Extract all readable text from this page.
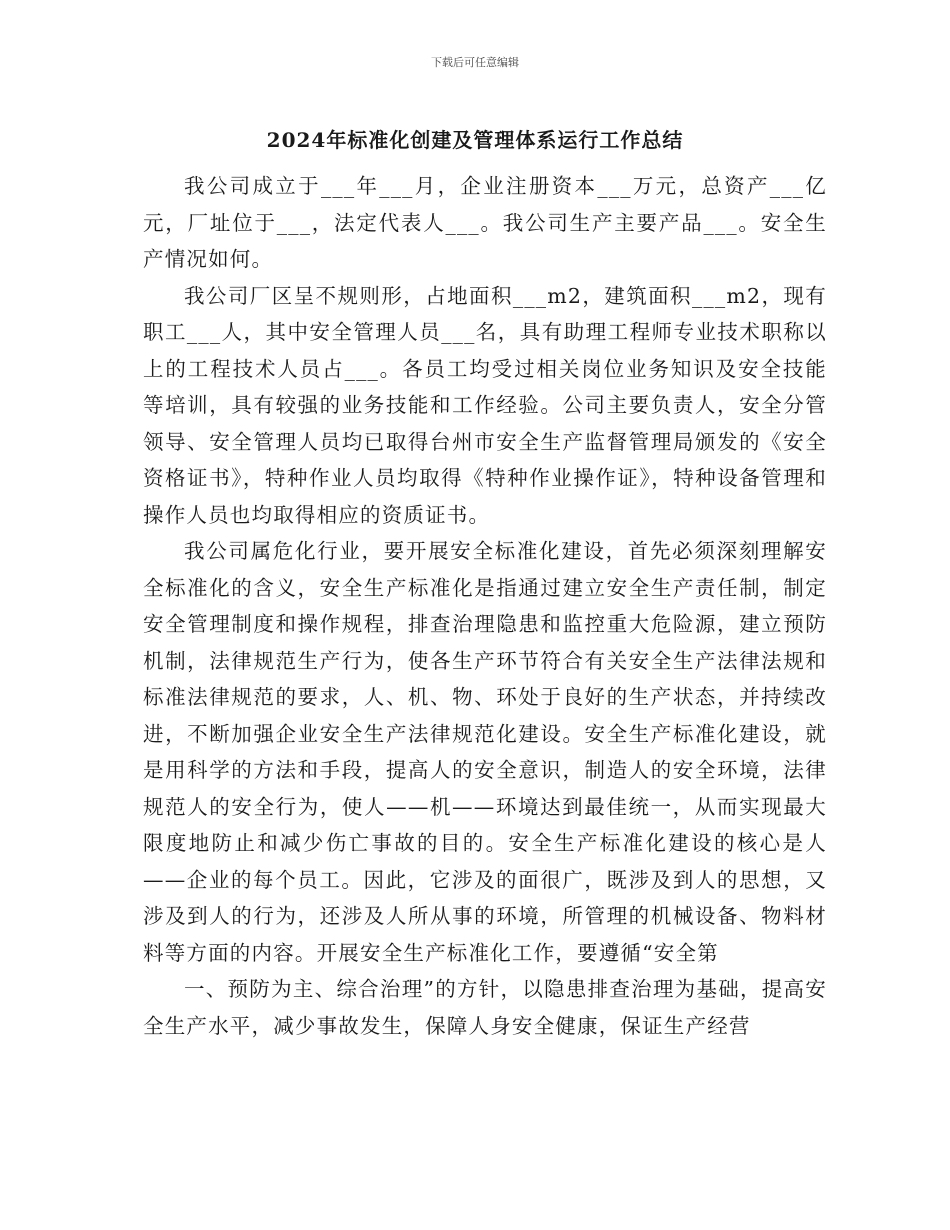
下载后可任意编辑
2024年标准化创建及管理体系运行工作总结

我公司成立于___年___月，企业注册资本___万元，总资产___亿元，厂址位于___，法定代表人___。我公司生产主要产品___。安全生产情况如何。

我公司厂区呈不规则形，占地面积___m2，建筑面积___m2，现有职工___人，其中安全管理人员___名，具有助理工程师专业技术职称以上的工程技术人员占___。各员工均受过相关岗位业务知识及安全技能等培训，具有较强的业务技能和工作经验。公司主要负责人，安全分管领导、安全管理人员均已取得台州市安全生产监督管理局颁发的《安全资格证书》，特种作业人员均取得《特种作业操作证》，特种设备管理和操作人员也均取得相应的资质证书。

我公司属危化行业，要开展安全标准化建设，首先必须深刻理解安全标准化的含义，安全生产标准化是指通过建立安全生产责任制，制定安全管理制度和操作规程，排查治理隐患和监控重大危险源，建立预防机制，法律规范生产行为，使各生产环节符合有关安全生产法律法规和标准法律规范的要求，人、机、物、环处于良好的生产状态，并持续改进，不断加强企业安全生产法律规范化建设。安全生产标准化建设，就是用科学的方法和手段，提高人的安全意识，制造人的安全环境，法律规范人的安全行为，使人——机——环境达到最佳统一，从而实现最大限度地防止和减少伤亡事故的目的。安全生产标准化建设的核心是人——企业的每个员工。因此，它涉及的面很广，既涉及到人的思想，又涉及到人的行为，还涉及人所从事的环境，所管理的机械设备、物料材料等方面的内容。开展安全生产标准化工作，要遵循“安全第

一、预防为主、综合治理”的方针，以隐患排查治理为基础，提高安全生产水平，减少事故发生，保障人身安全健康，保证生产经营
